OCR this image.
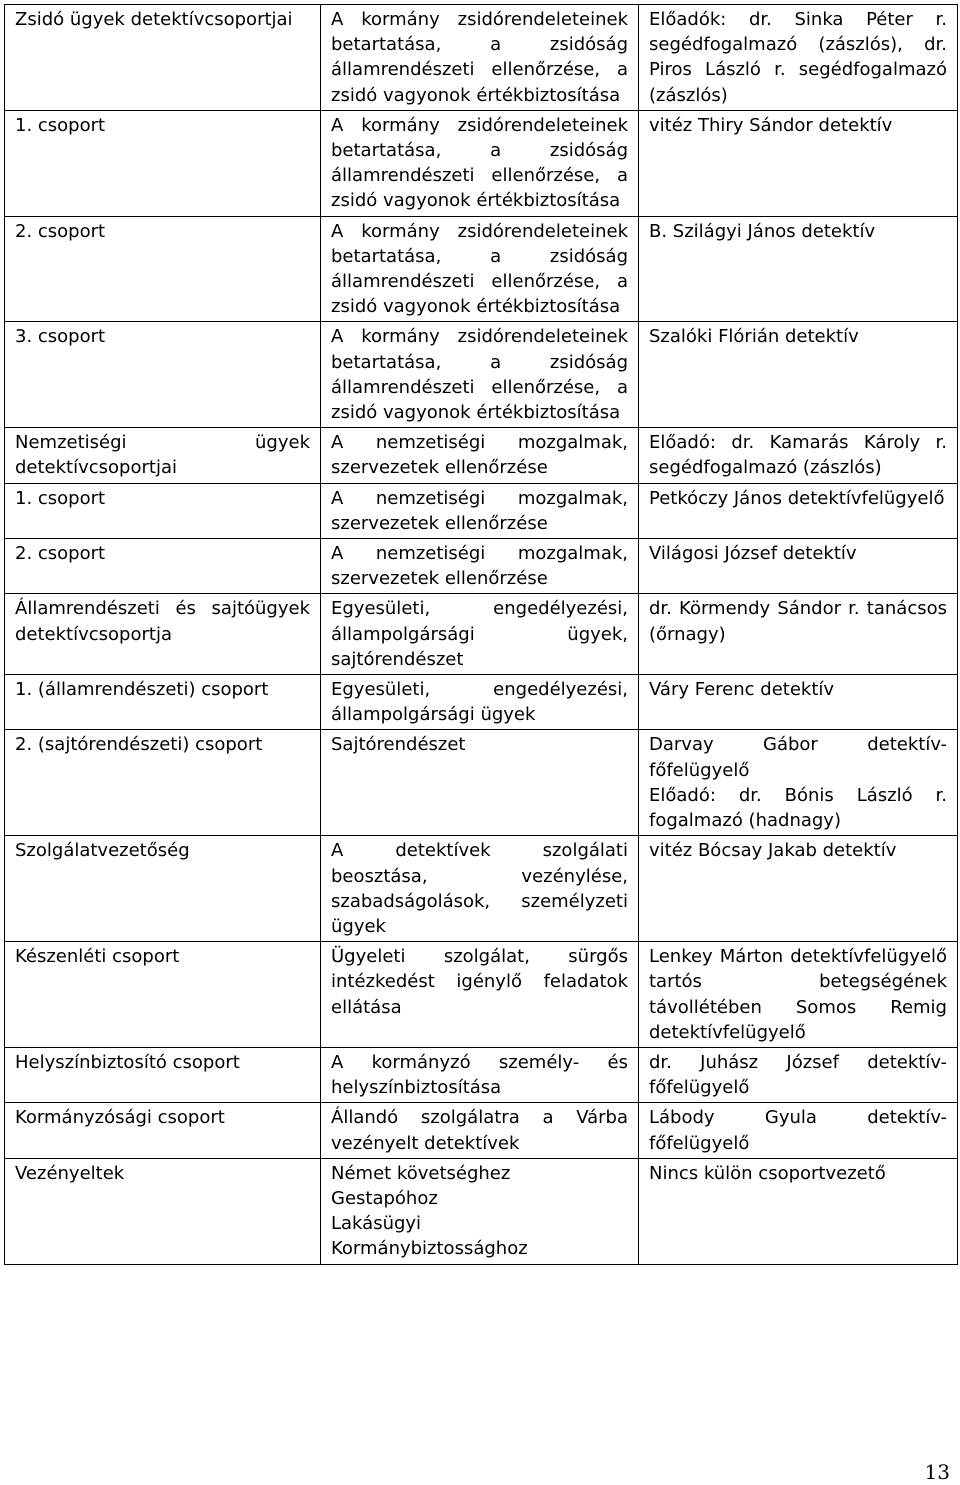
Zsidó ügyek detektívcsoportjai	A kormány zsidórendeleteinek betartatása, a zsidóság államrendészeti ellenőrzése, a zsidó vagyonok értékbiztosítása	Előadók: dr. Sinka Péter r. segédfogalmazó (zászlós), dr. Piros László r. segédfogalmazó (zászlós)

1. csoport	A kormány zsidórendeleteinek betartatása, a zsidóság államrendészeti ellenőrzése, a zsidó vagyonok értékbiztosítása	vitéz Thiry Sándor detektív

2. csoport	A kormány zsidórendeleteinek betartatása, a zsidóság államrendészeti ellenőrzése, a zsidó vagyonok értékbiztosítása	B. Szilágyi János detektív

3. csoport	A kormány zsidórendeleteinek betartatása, a zsidóság államrendészeti ellenőrzése, a zsidó vagyonok értékbiztosítása	Szalóki Flórián detektív

Nemzetiségi ügyek detektívcsoportjai	A nemzetiségi mozgalmak, szervezetek ellenőrzése	Előadó: dr. Kamarás Károly r. segédfogalmazó (zászlós)

1. csoport	A nemzetiségi mozgalmak, szervezetek ellenőrzése	Petkóczy János detektívfelügyelő

2. csoport	A nemzetiségi mozgalmak, szervezetek ellenőrzése	Világosi József detektív

Államrendészeti és sajtóügyek detektívcsoportja	Egyesületi, engedélyezési, állampolgársági ügyek, sajtórendészet	dr. Körmendy Sándor r. tanácsos (őrnagy)

1. (államrendészeti) csoport	Egyesületi, engedélyezési, állampolgársági ügyek	Váry Ferenc detektív

2. (sajtórendészeti) csoport	Sajtórendészet	Darvay Gábor detektív-főfelügyelő
Előadó: dr. Bónis László r. fogalmazó (hadnagy)

Szolgálatvezetőség	A detektívek szolgálati beosztása, vezénylése, szabadságolások, személyzeti ügyek	vitéz Bócsay Jakab detektív

Készenléti csoport	Ügyeleti szolgálat, sürgős intézkedést igénylő feladatok ellátása	Lenkey Márton detektívfelügyelő tartós betegségének távollétében Somos Remig detektívfelügyelő

Helyszínbiztosító csoport	A kormányzó személy- és helyszínbiztosítása	dr. Juhász József detektív-főfelügyelő

Kormányzósági csoport	Állandó szolgálatra a Várba vezényelt detektívek	Lábody Gyula detektív-főfelügyelő

Vezényeltek	Német követséghez
Gestapóhoz
Lakásügyi
Kormánybiztossághoz	Nincs külön csoportvezető
13
